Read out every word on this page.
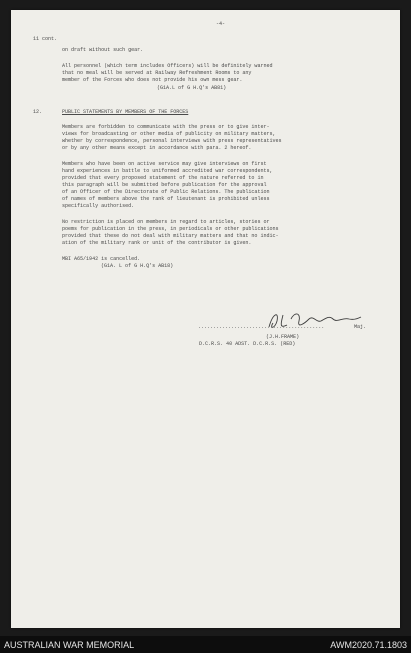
-4-
11 cont.
on draft without such gear.
All personnel (which term includes Officers) will be definitely warned
that no meal will be served at Railway Refreshment Rooms to any
member of the Forces who does not provide his own mess gear.
(G1A.L of G H.Q's AB81)
12.	PUBLIC STATEMENTS BY MEMBERS OF THE FORCES
Members are forbidden to communicate with the press or to give inter-
views for broadcasting or other media of publicity on military matters,
whether by correspondence, personal interviews with press representatives
or by any other means except in accordance with para. 2 hereof.
Members who have been on active service may give interviews on first
hand experiences in battle to uniformed accredited war correspondents,
provided that every proposed statement of the nature referred to in
this paragraph will be submitted before publication for the approval
of an Officer of the Directorate of Public Relations. The publication
of names of members above the rank of lieutenant is prohibited unless
specifically authorised.
No restriction is placed on members in regard to articles, stories or
poems for publication in the press, in periodicals or other publications
provided that these do not deal with military matters and that no indic-
ation of the military rank or unit of the contributor is given.
MBI A65/1942 is cancelled.
(G1A. L of G H.Q's AB18)
..........................................	Maj.
(J.H.FRAME)
D.C.R.S. 40 ADST. D.C.R.S. (RED)
AUSTRALIAN WAR MEMORIAL	AWM2020.71.1803
